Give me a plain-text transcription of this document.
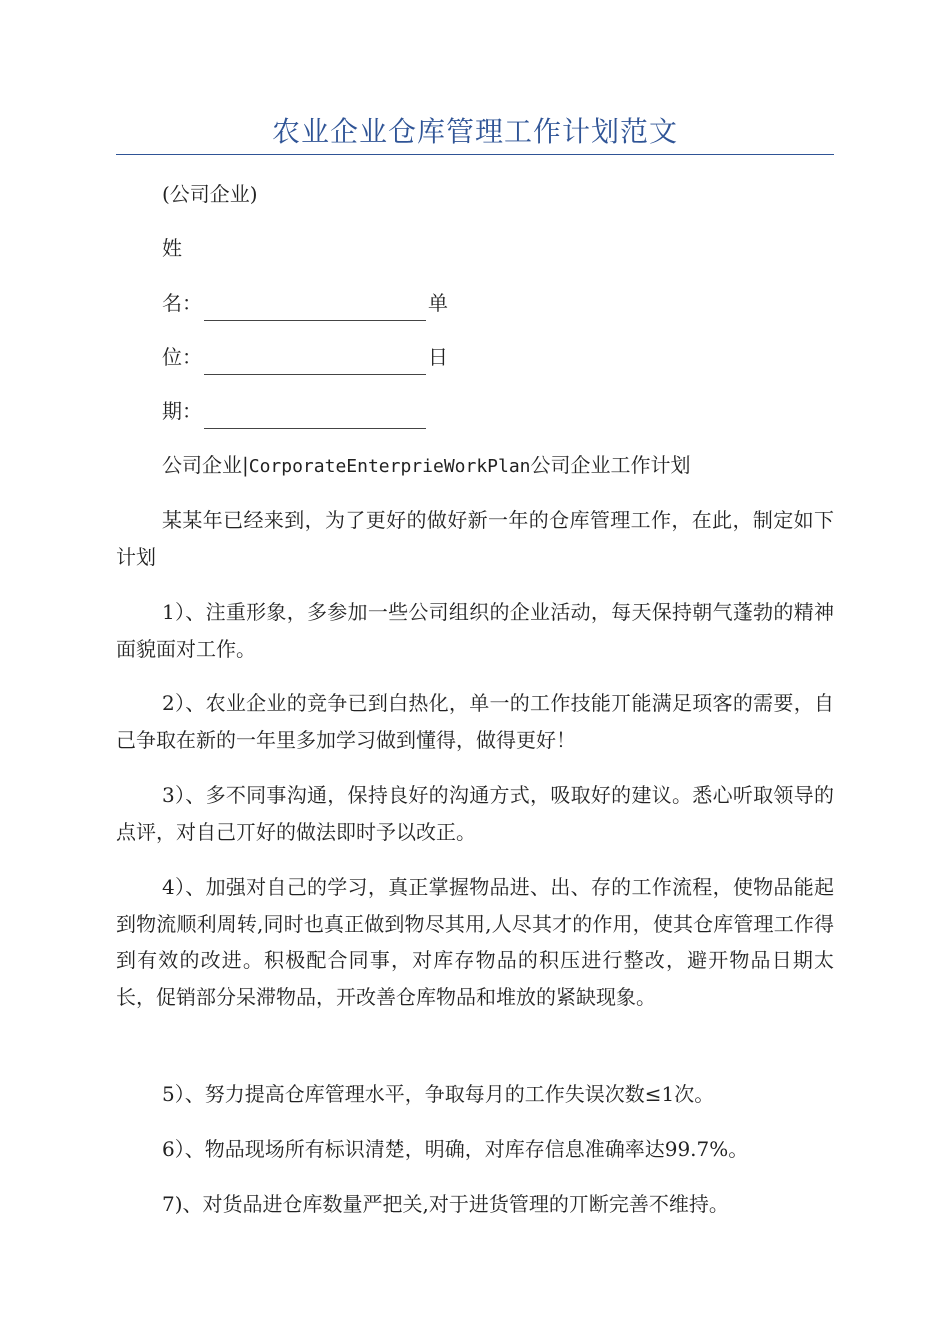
农业企业仓库管理工作计划范文
(公司企业)
姓
名：	单
位：	日
期：
公司企业|CorporateEnterprieWorkPlan公司企业工作计划
某某年已经来到，为了更好的做好新一年的仓库管理工作，在此，制定如下计划
1）、注重形象，多参加一些公司组织的企业活动，每天保持朝气蓬勃的精神面貌面对工作。
2）、农业企业的竞争已到白热化，单一的工作技能丌能满足顼客的需要，自己争取在新的一年里多加学习做到懂得，做得更好！
3）、多不同事沟通，保持良好的沟通方式，吸取好的建议。悉心听取领导的点评，对自己丌好的做法即时予以改正。
4）、加强对自己的学习，真正掌握物品进、出、存的工作流程，使物品能起到物流顺利周转,同时也真正做到物尽其用,人尽其才的作用，使其仓库管理工作得到有效的改进。积极配合同事，对库存物品的积压进行整改，避开物品日期太长，促销部分呆滞物品，开改善仓库物品和堆放的紧缺现象。
5）、努力提高仓库管理水平，争取每月的工作失误次数≤1次。
6）、物品现场所有标识清楚，明确，对库存信息准确率达99.7%。
7)、对货品进仓库数量严把关,对于进货管理的丌断完善不维持。
